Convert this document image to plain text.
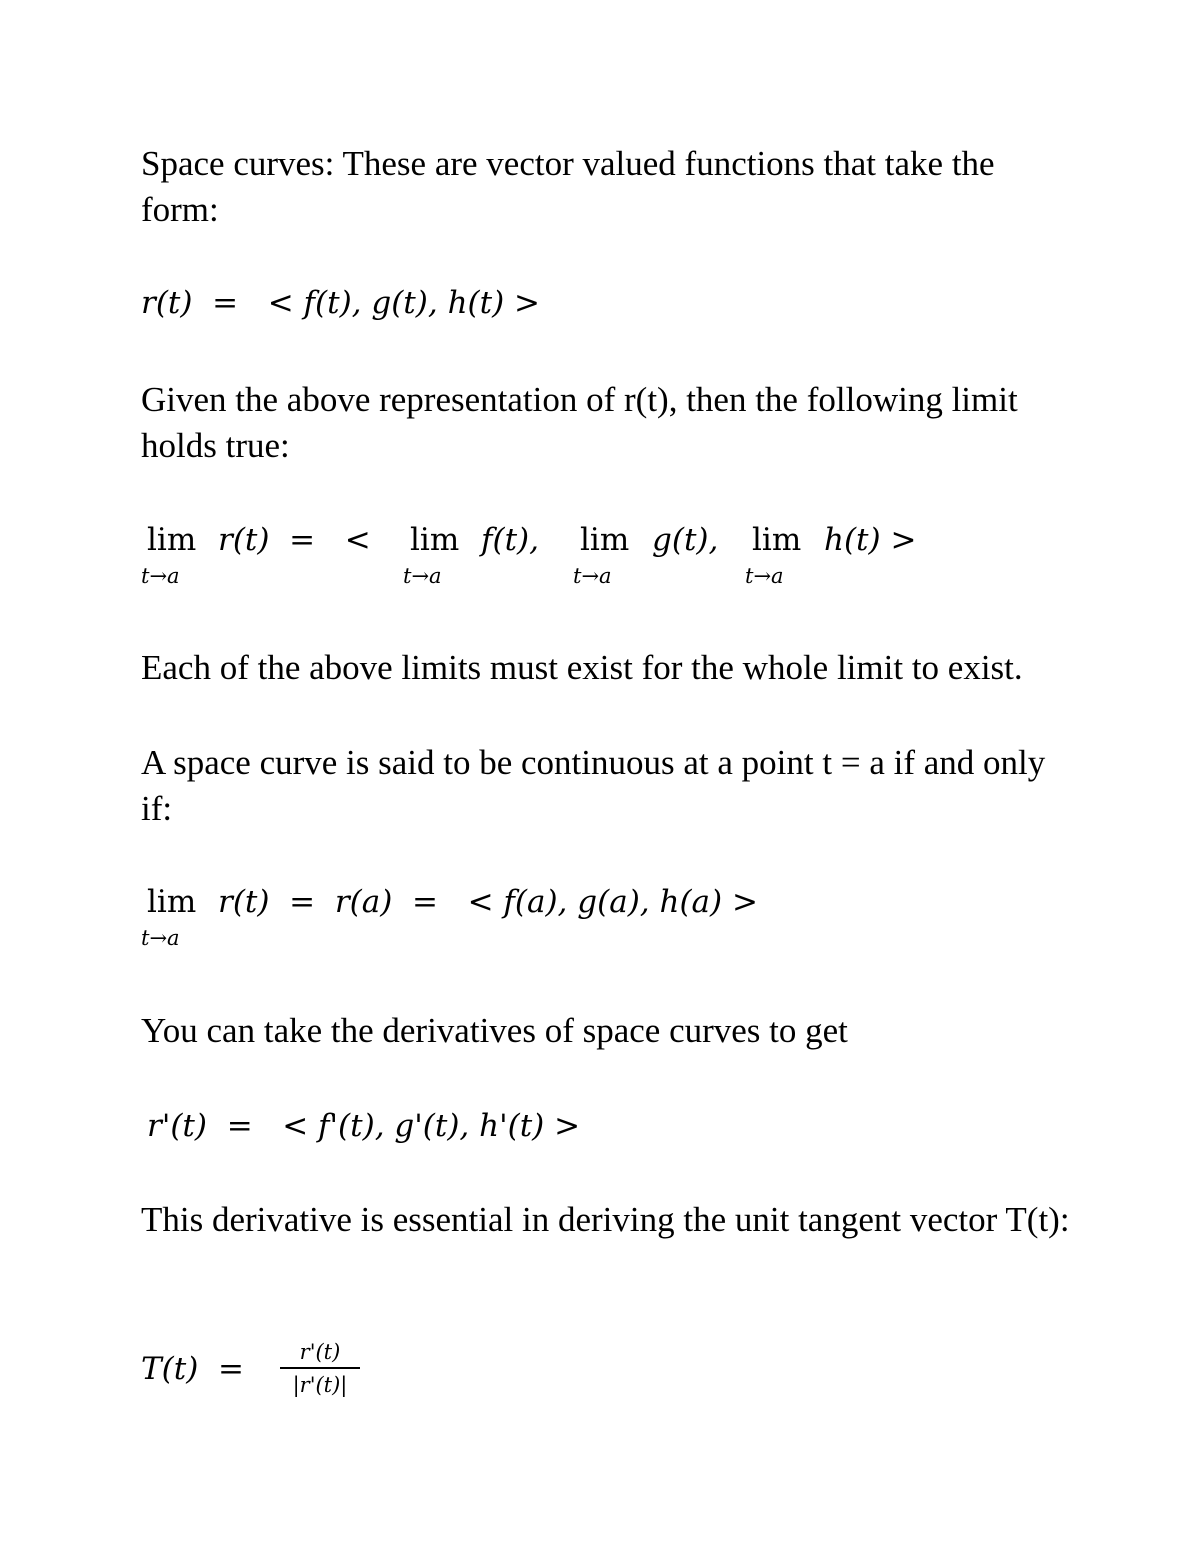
Space curves: These are vector valued functions that take the form:

r(t)  =   < f(t), g(t), h(t) >

Given the above representation of r(t), then the following limit holds true:

lim
t→a
r(t)  =   < lim
t→a
f(t), lim
t→a
g(t), lim
t→a
h(t) >

Each of the above limits must exist for the whole limit to exist.

A space curve is said to be continuous at a point t = a if and only if:

lim
t→a
r(t)  =  r(a)  =   < f(a), g(a), h(a) >

You can take the derivatives of space curves to get

r'(t)  =   < f'(t), g'(t), h'(t) >

This derivative is essential in deriving the unit tangent vector T(t):

T(t)  =	r'(t)
|r'(t)|
